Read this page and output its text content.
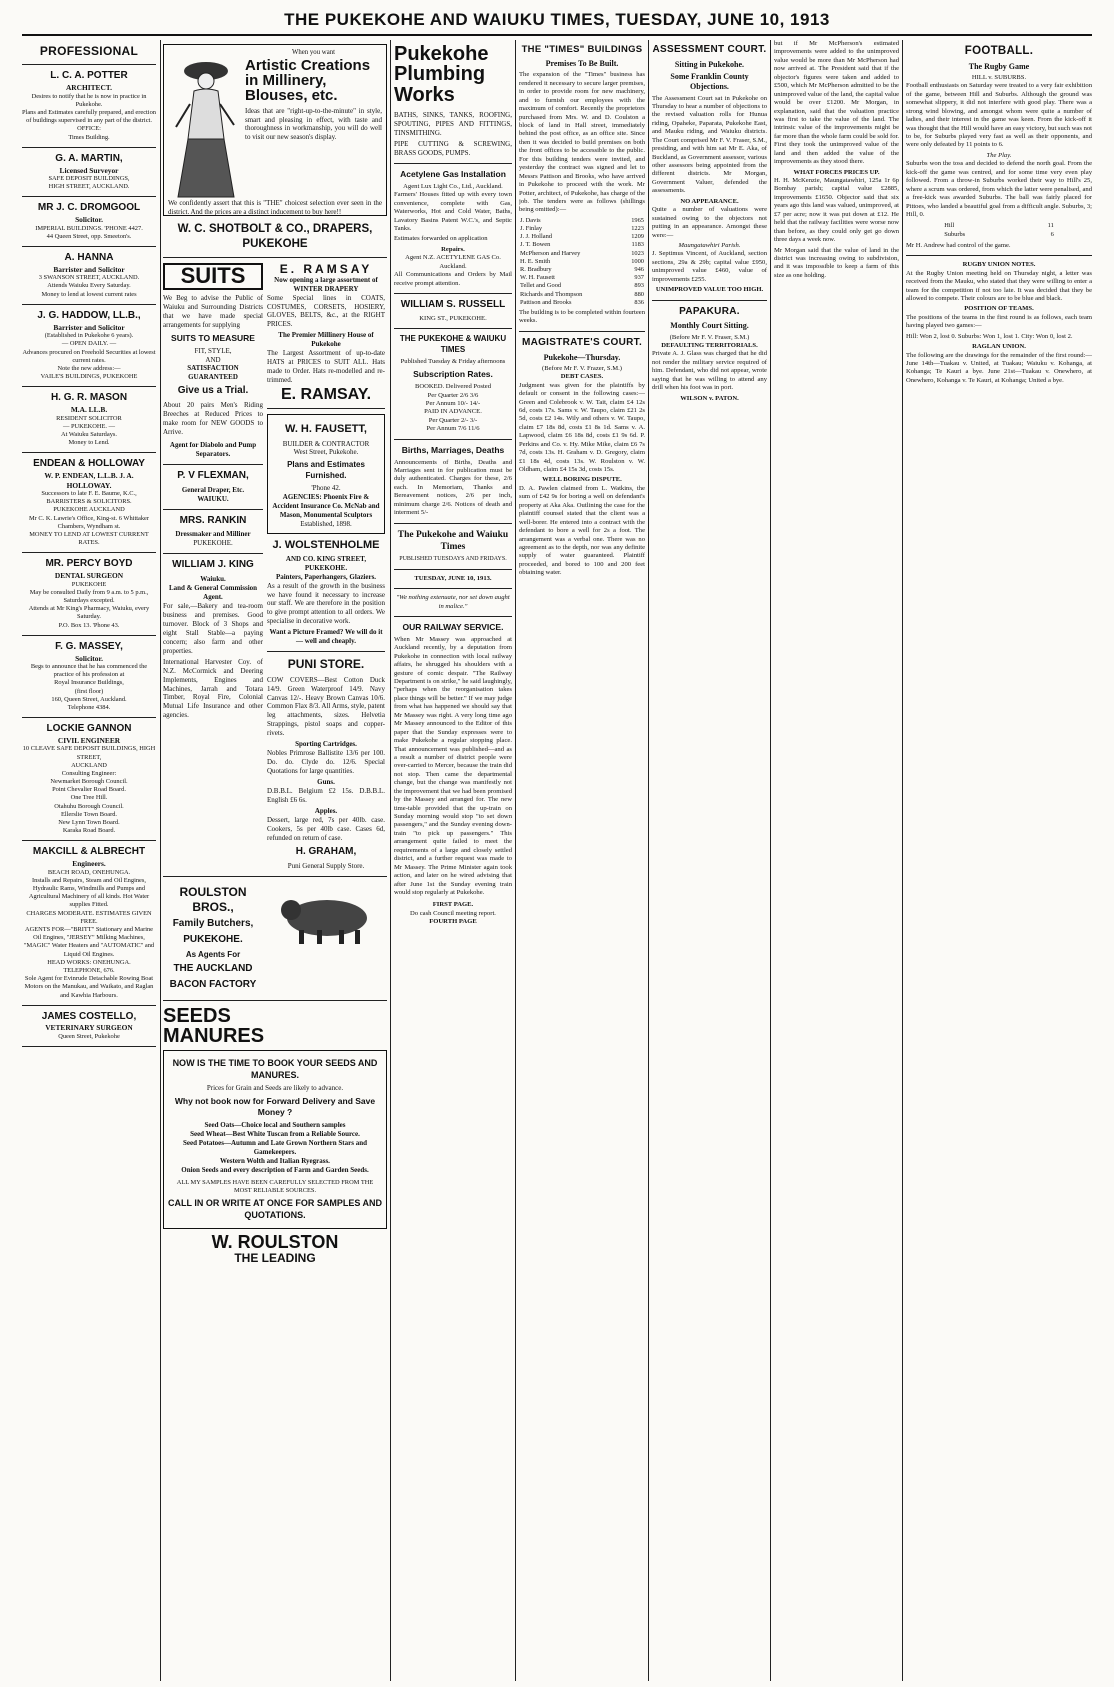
THE PUKEKOHE AND WAIUKU TIMES, TUESDAY, JUNE 10, 1913
PROFESSIONAL
L. C. A. POTTER
ARCHITECT.
Desires to notify that he is now in practice in Pukekohe.
Plans and Estimates carefully prepared, and erection of buildings supervised in any part of the district.
OFFICE:
Times Building.
G. A. MARTIN,
Licensed Surveyor
SAFE DEPOSIT BUILDINGS,
HIGH STREET, AUCKLAND.
MR J. C. DROMGOOL
Solicitor.
IMPERIAL BUILDINGS. 'PHONE 4427.
44 Queen Street, opp. Smeeton's.
A. HANNA
Barrister and Solicitor
3 SWANSON STREET, AUCKLAND.
Attends Waiuku Every Saturday.
Money to lend at lowest current rates
J. G. HADDOW, LL.B.,
Barrister and Solicitor
(Established in Pukekohe 6 years).
— OPEN DAILY. —
Advances procured on Freehold Securities at lowest current rates.
Note the new address:—
VAILE'S BUILDINGS, PUKEKOHE
H. G. R. MASON
M.A. LL.B.
RESIDENT SOLICITOR
— PUKEKOHE. —
At Waiuku Saturdays.
Money to Lend.
ENDEAN & HOLLOWAY
W. P. ENDEAN, L.L.B. J. A. HOLLOWAY.
Successors to late F. E. Baume, K.C., BARRISTERS & SOLICITORS.
PUKEKOHE AUCKLAND
Mr C. K. Lawrie's Office, King-st. 6 Whittaker Chambers, Wyndham st.
MONEY TO LEND AT LOWEST CURRENT RATES.
MR. PERCY BOYD
DENTAL SURGEON
PUKEKOHE
May be consulted Daily from 9 a.m. to 5 p.m., Saturdays excepted.
Attends at Mr King's Pharmacy, Waiuku, every Saturday.
P.O. Box 13. 'Phone 43.
F. G. MASSEY,
Solicitor.
Begs to announce that he has commenced the practice of his profession at
Royal Insurance Buildings,
(first floor)
160, Queen Street, Auckland.
Telephone 4384.
LOCKIE GANNON
CIVIL ENGINEER
10 CLEAVE SAFE DEPOSIT BUILDINGS, HIGH STREET,
AUCKLAND
Consulting Engineer:
Newmarket Borough Council.
Point Chevalier Road Board.
One Tree Hill.
Otahuhu Borough Council.
Ellerslie Town Board.
New Lynn Town Board.
Karaka Road Board.
MAKCILL & ALBRECHT
Engineers.
BEACH ROAD, ONEHUNGA.
Installs and Repairs, Steam and Oil Engines, Hydraulic Rams, Windmills and Pumps and Agricultural Machinery of all kinds. Hot Water supplies Fitted.
CHARGES MODERATE. ESTIMATES GIVEN FREE.
AGENTS FOR—"BRITT" Stationary and Marine Oil Engines, "JERSEY" Milking Machines, "MAGIC" Water Heaters and "AUTOMATIC" and Liquid Oil Engines.
HEAD WORKS: ONEHUNGA.
TELEPHONE, 676.
Sole Agent for Evinrude Detachable Rowing Boat Motors on the Manukau, and Waikato, and Raglan and Kawhia Harbours.
JAMES COSTELLO,
VETERINARY SURGEON
Queen Street, Pukekohe
When you want
Artistic Creations in Millinery, Blouses, etc.

Ideas that are "right-up-to-the-minute" in style, smart and pleasing in effect, with taste and thoroughness in workmanship, you will do well to visit our new season's display.

We confidently assert that this is "THE" choicest selection ever seen in the district. And the prices are a distinct inducement to buy here!!

W. C. SHOTBOLT & CO., DRAPERS, PUKEKOHE
SUITS

We Beg to advise the Public of Waiuku and Surrounding Districts that we have made special arrangements for supplying

SUITS TO MEASURE
FIT, STYLE,
AND
SATISFACTION GUARANTEED
Give us a Trial.

About 20 pairs Men's Riding Breeches at Reduced Prices to make room for NEW GOODS to Arrive.

Agent for Diabolo and Pump Separators.
P. V FLEXMAN,
General Draper, Etc.
WAIUKU.
MRS. RANKIN
Dressmaker and Milliner
PUKEKOHE.
WILLIAM J. KING
Waiuku.
Land & General Commission Agent.

For sale,—Bakery and tea-room business and premises. Good turnover. Block of 3 Shops and eight Stall Stable—a paying concern; also farm and other properties.

International Harvester Coy. of N.Z. McCormick and Deering Implements, Engines and Machines, Jarrah and Totara Timber, Royal Fire, Colonial Mutual Life Insurance and other agencies.

E. RAMSAY
Now opening a large assortment of WINTER DRAPERY

Some Special lines in COATS, COSTUMES, CORSETS, HOSIERY, GLOVES, BELTS, &c., at the RIGHT PRICES.

The Premier Millinery House of Pukekohe

The Largest Assortment of up-to-date HATS at PRICES to SUIT ALL. Hats made to Order. Hats re-modelled and re-trimmed.

E. RAMSAY.
W. H. FAUSETT,
BUILDER & CONTRACTOR
West Street, Pukekohe.
Plans and Estimates Furnished.
'Phone 42.
AGENCIES: Phoenix Fire & Accident Insurance Co. McNab and Mason, Monumental Sculptors
Established, 1898.
J. WOLSTENHOLME
AND CO. KING STREET, PUKEKOHE.
Painters, Paperhangers, Glaziers.

As a result of the growth in the business we have found it necessary to increase our staff. We are therefore in the position to give prompt attention to all orders. We specialise in decorative work.

Want a Picture Framed? We will do it — well and cheaply.
PUNI STORE.

COW COVERS—Best Cotton Duck 14/9. Green Waterproof 14/9. Navy Canvas 12/-. Heavy Brown Canvas 10/6. Common Flax 8/3. All Arms, style, patent leg attachments, sizes. Helvetia Strappings, pistol soaps and copper-rivets.

Sporting Cartridges.

Nobles Primrose Ballistite 13/6 per 100. Do. do. Clyde do. 12/6. Special Quotations for large quantities.

Guns.

D.B.B.L. Belgium £2 15s. D.B.B.L. English £6 6s.

Apples.

Dessert, large red, 7s per 40lb. case. Cookers, 5s per 40lb case. Cases 6d, refunded on return of case.

H. GRAHAM,
Puni General Supply Store.
ROULSTON BROS.,
Family Butchers,
PUKEKOHE.
As Agents For
THE AUCKLAND
BACON FACTORY
SEEDS
MANURES
NOW IS THE TIME TO BOOK YOUR SEEDS AND MANURES.
Prices for Grain and Seeds are likely to advance.
Why not book now for Forward Delivery and Save Money ?
Seed Oats—Choice local and Southern samples
Seed Wheat—Best White Tuscan from a Reliable Source.
Seed Potatoes—Autumn and Late Grown Northern Stars and Gamekeepers.
Western Wolth and Italian Ryegrass.
Onion Seeds and every description of Farm and Garden Seeds.
ALL MY SAMPLES HAVE BEEN CAREFULLY SELECTED FROM THE MOST RELIABLE SOURCES.
CALL IN OR WRITE AT ONCE FOR SAMPLES AND QUOTATIONS.
W. ROULSTON
THE LEADING
Pukekohe Plumbing Works

BATHS, SINKS, TANKS, ROOFING, SPOUTING, PIPES AND FITTINGS, TINSMITHING.

PIPE CUTTING & SCREWING, BRASS GOODS, PUMPS.

Acetylene Gas Installation
Agent Lux Light Co., Ltd., Auckland.

Farmers' Houses fitted up with every town convenience, complete with Gas, Waterworks, Hot and Cold Water, Baths, Lavatory Basins Patent W.C.'s, and Septic Tanks.

Estimates forwarded on application

Repairs.
Agent N.Z. ACETYLENE GAS Co. Auckland.

All Communications and Orders by Mail receive prompt attention.

WILLIAM S. RUSSELL
KING ST., PUKEKOHE.
THE PUKEKOHE & WAIUKU TIMES
Published Tuesday & Friday afternoons
Subscription Rates.
BOOKED. Delivered Posted
Per Quarter 2/6 3/6
Per Annum 10/- 14/-
PAID IN ADVANCE.
Per Quarter 2/- 3/-
Per Annum 7/6 11/6
Births, Marriages, Deaths

Announcements of Births, Deaths and Marriages sent in for publication must be duly authenticated. Charges for these, 2/6 each. In Memoriam, Thanks and Bereavement notices, 2/6 per inch, minimum charge 2/6. Notices of death and interment 5/-

The Pukekohe and Waiuku Times
PUBLISHED TUESDAYS AND FRIDAYS.
TUESDAY, JUNE 10, 1913.
"We nothing extenuate, nor set down aught in malice."
OUR RAILWAY SERVICE.

When Mr Massey was approached at Auckland recently, by a deputation from Pukekohe in connection with local railway affairs, he shrugged his shoulders with a gesture of comic despair. "The Railway Department is on strike," he said laughingly, "perhaps when the reorganisation takes place things will be better." If we may judge from what has happened we should say that Mr Massey was right. A very long time ago Mr Massey announced to the Editor of this paper that the Sunday expresses were to make Pukekohe a regular stopping place. That announcement was published—and as a result a number of district people were over-carried to Mercer, because the train did not stop. Then came the departmental change, but the change was manifestly not the improvement that we had been promised by the Massey and arranged for. The new time-table provided that the up-train on Sunday morning would stop "to set down passengers," and the Sunday evening down-train "to pick up passengers." This arrangement quite failed to meet the requirements of a large and closely settled district, and a further request was made to Mr Massey. The Prime Minister again took action, and later on he wired advising that after June 1st the Sunday evening train would stop regularly at Pukekohe.

FIRST PAGE.
Do cash Council meeting report.
FOURTH PAGE
THE "TIMES" BUILDINGS
Premises To Be Built.

The expansion of the "Times" business has rendered it necessary to secure larger premises, in order to provide room for new machinery, and to furnish our employees with the maximum of comfort. Recently the proprietors purchased from Mrs. W. and D. Coulston a block of land in Hall street, immediately behind the post office, as an office site. Since then it was decided to build premises on both the front offices to be accessible to the public. For this building tenders were invited, and yesterday the contract was signed and let to Messrs Pattison and Brooks, who have arrived in Pukekohe to proceed with the work. Mr Potter, architect, of Pukekohe, has charge of the job. The tenders were as follows (shillings being omitted):—

J. Davis	1965
J. Finlay	1223
J. J. Holland	1209
J. T. Bowen	1183
McPherson and Harvey	1023
H. E. Smith	1000
R. Bradbury	946
W. H. Fausett	937
Tellet and Good	893
Richards and Thompson	880
Pattison and Brooks	836

The building is to be completed within fourteen weeks.

MAGISTRATE'S COURT.
Pukekohe—Thursday.
(Before Mr F. V. Frazer, S.M.)
DEBT CASES.

Judgment was given for the plaintiffs by default or consent in the following cases:— Green and Colebrook v. W. Tait, claim £4 12s 6d, costs 17s. Sams v. W. Taupo, claim £21 2s 5d, costs £2 14s. Wily and others v. W. Taupo, claim £7 18s 8d, costs £1 8s 1d. Sams v. A. Lapwood, claim £6 18s 8d, costs £1 9s 6d. P. Perkins and Co. v. Hy. Mike Mike, claim £6 7s 7d, costs 13s. H. Graham v. D. Gregory, claim £1 18s 4d, costs 13s. W. Roulston v. W. Oldham, claim £4 15s 3d, costs 15s.

WELL BORING DISPUTE.

D. A. Pawlen claimed from L. Watkins, the sum of £42 9s for boring a well on defendant's property at Aka Aka. Outlining the case for the plaintiff counsel stated that the client was a well-borer. He entered into a contract with the defendant to bore a well for 2s a foot. The arrangement was a verbal one. There was no agreement as to the depth, nor was any definite supply of water guaranteed. Plaintiff proceeded, and bored to 100 and 200 feet obtaining water.

ASSESSMENT COURT.
Sitting in Pukekohe.
Some Franklin County Objections.

The Assessment Court sat in Pukekohe on Thursday to hear a number of objections to the revised valuation rolls for Hunua riding, Opaheke, Paparata, Pukekohe East, and Mauku riding, and Waiuku districts. The Court comprised Mr F. V. Fraser, S.M., presiding, and with him sat Mr E. Aka, of Buckland, as Government assessor, various other assessors being appointed from the different districts. Mr Morgan, Government Valuer, defended the assessments.

NO APPEARANCE.

Quite a number of valuations were sustained owing to the objectors not putting in an appearance. Amongst these were:—

Maungatawhiri Parish.

J. Septimus Vincent, of Auckland, section sections, 29a & 29b; capital value £950, unimproved value £460, value of improvements £255.

UNIMPROVED VALUE TOO HIGH.
PAPAKURA.
Monthly Court Sitting.
(Before Mr F. V. Fraser, S.M.)
DEFAULTING TERRITORIALS.

Private A. J. Glass was charged that he did not render the military service required of him. Defendant, who did not appear, wrote saying that he was willing to attend any drill when his foot was in port.

WILSON v. PATON.

but if Mr McPherson's estimated improvements were added to the unimproved value would be more than Mr McPherson had now arrived at. The President said that if the objector's figures were taken and added to £500, which Mr McPherson admitted to be the unimproved value of the land, the capital value would be over £1200. Mr Morgan, in explanation, said that the valuation practice was first to take the value of the land. The intrinsic value of the improvements might be far more than the whole farm could be sold for. First they took the unimproved value of the land and then added the value of the improvements as they stood there.

WHAT FORCES PRICES UP.

H. H. McKenzie, Maungatawhiri, 125a 1r 6p Bombay parish; capital value £2885, improvements £1650. Objector said that six years ago this land was valued, unimproved, at £7 per acre; now it was put down at £12. He held that the railway facilities were worse now than before, as they could only get go down three days a week now.

Mr Morgan said that the value of land in the district was increasing owing to subdivision, and it was impossible to keep a farm of this size as one holding.

FOOTBALL.
The Rugby Game
HILL v. SUBURBS.

Football enthusiasts on Saturday were treated to a very fair exhibition of the game, between Hill and Suburbs. Although the ground was somewhat slippery, it did not interfere with good play. There was a strong wind blowing, and amongst whom were quite a number of ladies, and their interest in the game was keen. From the kick-off it was thought that the Hill would have an easy victory, but such was not to be, for Suburbs played very fast as well as their opponents, and were only defeated by 11 points to 6.

The Play.

Suburbs won the toss and decided to defend the north goal. From the kick-off the game was centred, and for some time very even play followed. From a throw-in Suburbs worked their way to Hill's 25, where a scrum was ordered, from which the latter were penalised, and a free-kick was awarded Suburbs. The ball was fairly placed for Pittoes, who landed a beautiful goal from a difficult angle. Suburbs, 3; Hill, 0.

Hill	11
Suburbs	6

Mr H. Andrew had control of the game.

RUGBY UNION NOTES.

At the Rugby Union meeting held on Thursday night, a letter was received from the Mauku, who stated that they were willing to enter a team for the competition if not too late. It was decided that they be allowed to compete. Their colours are to be blue and black.

POSITION OF TEAMS.

The positions of the teams in the first round is as follows, each team having played two games:—

Hill: Won 2, lost 0. Suburbs: Won 1, lost 1. City: Won 0, lost 2.

RAGLAN UNION.

The following are the drawings for the remainder of the first round:— June 14th—Tuakau v. United, at Tuakau; Waiuku v. Kohanga, at Kohanga; Te Kauri a bye. June 21st—Tuakau v. Onewhero, at Onewhero, Kohanga v. Te Kauri, at Kohanga; United a bye.
